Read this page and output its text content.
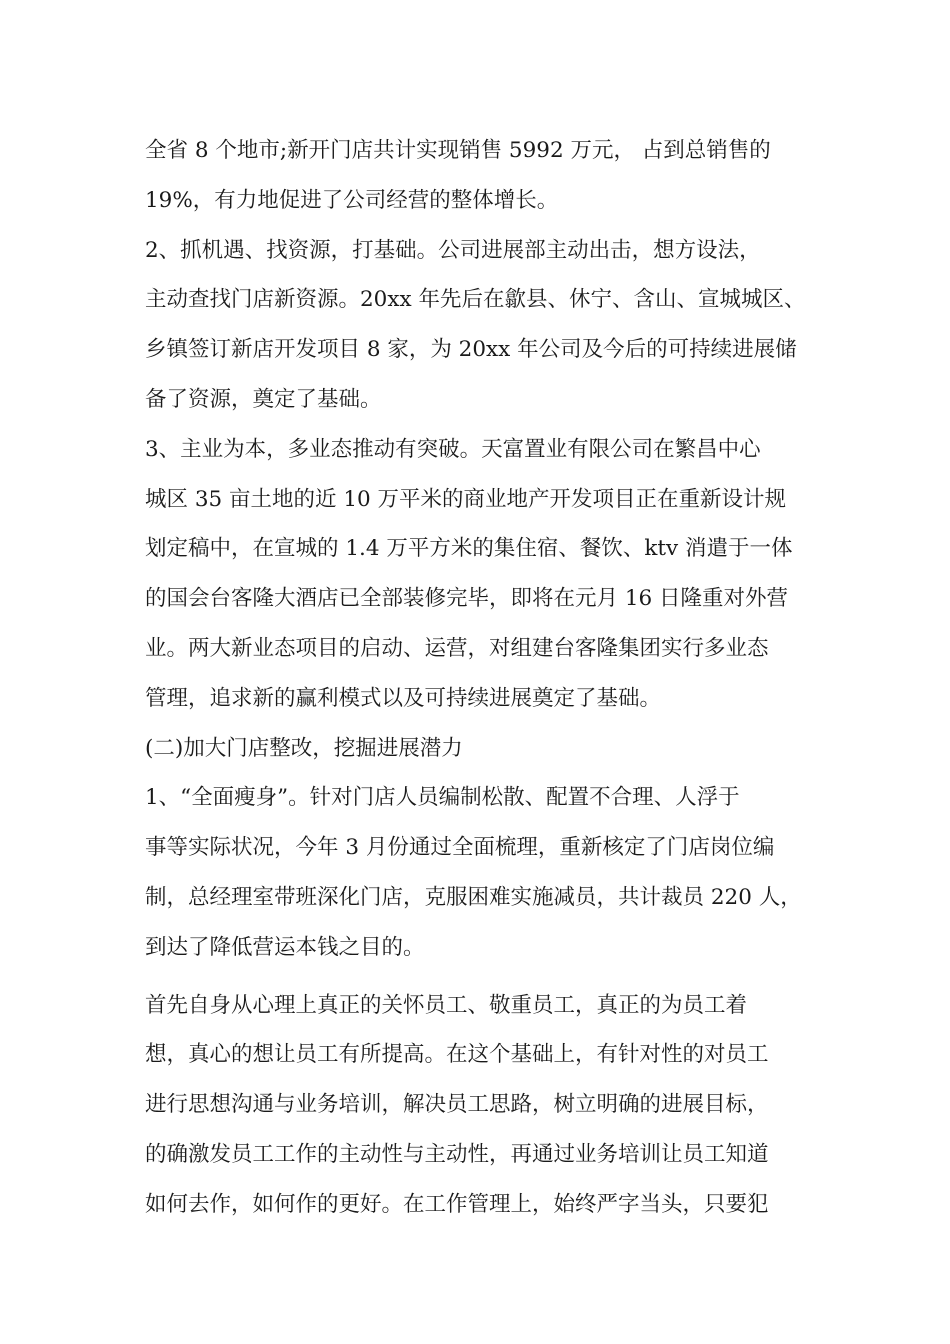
全省 8 个地市;新开门店共计实现销售 5992 万元， 占到总销售的
19%，有力地促进了公司经营的整体增长。
2、抓机遇、找资源，打基础。公司进展部主动出击，想方设法，
主动查找门店新资源。20xx 年先后在歙县、休宁、含山、宣城城区、
乡镇签订新店开发项目 8 家，为 20xx 年公司及今后的可持续进展储
备了资源，奠定了基础。
3、主业为本，多业态推动有突破。天富置业有限公司在繁昌中心
城区 35 亩土地的近 10 万平米的商业地产开发项目正在重新设计规
划定稿中，在宣城的 1.4 万平方米的集住宿、餐饮、ktv 消遣于一体
的国会台客隆大酒店已全部装修完毕，即将在元月 16 日隆重对外营
业。两大新业态项目的启动、运营，对组建台客隆集团实行多业态
管理，追求新的赢利模式以及可持续进展奠定了基础。
(二)加大门店整改，挖掘进展潜力
1、“全面瘦身”。针对门店人员编制松散、配置不合理、人浮于
事等实际状况，今年 3 月份通过全面梳理，重新核定了门店岗位编
制，总经理室带班深化门店，克服困难实施减员，共计裁员 220 人，
到达了降低营运本钱之目的。
首先自身从心理上真正的关怀员工、敬重员工，真正的为员工着
想，真心的想让员工有所提高。在这个基础上，有针对性的对员工
进行思想沟通与业务培训，解决员工思路，树立明确的进展目标，
的确激发员工工作的主动性与主动性，再通过业务培训让员工知道
如何去作，如何作的更好。在工作管理上，始终严字当头，只要犯
